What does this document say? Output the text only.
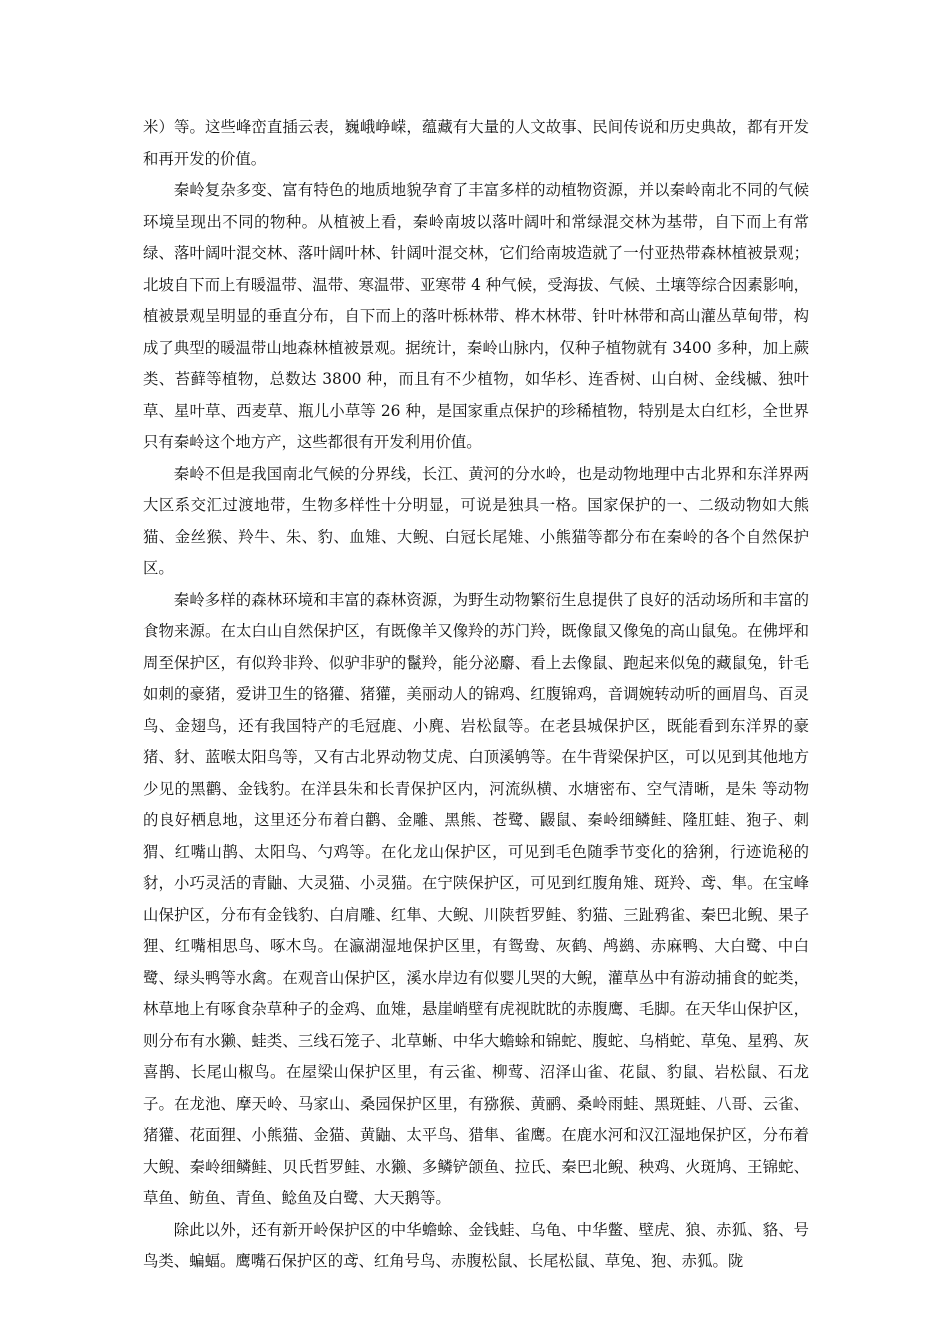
米）等。这些峰峦直插云表，巍峨峥嵘，蕴藏有大量的人文故事、民间传说和历史典故，都有开发和再开发的价值。

秦岭复杂多变、富有特色的地质地貌孕育了丰富多样的动植物资源，并以秦岭南北不同的气候环境呈现出不同的物种。从植被上看，秦岭南坡以落叶阔叶和常绿混交林为基带，自下而上有常绿、落叶阔叶混交林、落叶阔叶林、针阔叶混交林，它们给南坡造就了一付亚热带森林植被景观；北坡自下而上有暖温带、温带、寒温带、亚寒带 4 种气候，受海拔、气候、土壤等综合因素影响，植被景观呈明显的垂直分布，自下而上的落叶栎林带、桦木林带、针叶林带和高山灌丛草甸带，构成了典型的暖温带山地森林植被景观。据统计，秦岭山脉内，仅种子植物就有 3400 多种，加上蕨类、苔藓等植物，总数达 3800 种，而且有不少植物，如华杉、连香树、山白树、金线槭、独叶草、星叶草、西麦草、瓶儿小草等 26 种，是国家重点保护的珍稀植物，特别是太白红杉，全世界只有秦岭这个地方产，这些都很有开发利用价值。

秦岭不但是我国南北气候的分界线，长江、黄河的分水岭，也是动物地理中古北界和东洋界两大区系交汇过渡地带，生物多样性十分明显，可说是独具一格。国家保护的一、二级动物如大熊猫、金丝猴、羚牛、朱、豹、血雉、大鲵、白冠长尾雉、小熊猫等都分布在秦岭的各个自然保护区。

秦岭多样的森林环境和丰富的森林资源，为野生动物繁衍生息提供了良好的活动场所和丰富的食物来源。在太白山自然保护区，有既像羊又像羚的苏门羚，既像鼠又像兔的高山鼠兔。在佛坪和周至保护区，有似羚非羚、似驴非驴的鬣羚，能分泌麝、看上去像鼠、跑起来似兔的藏鼠兔，针毛如刺的豪猪，爱讲卫生的铬獾、猪獾，美丽动人的锦鸡、红腹锦鸡，音调婉转动听的画眉鸟、百灵鸟、金翅鸟，还有我国特产的毛冠鹿、小麂、岩松鼠等。在老县城保护区，既能看到东洋界的豪猪、豺、蓝喉太阳鸟等，又有古北界动物艾虎、白顶溪鸲等。在牛背梁保护区，可以见到其他地方少见的黑鹳、金钱豹。在洋县朱和长青保护区内，河流纵横、水塘密布、空气清晰，是朱 等动物的良好栖息地，这里还分布着白鹳、金雕、黑熊、苍鹭、鼹鼠、秦岭细鳞鲑、隆肛蛙、狍子、刺猬、红嘴山鹊、太阳鸟、勺鸡等。在化龙山保护区，可见到毛色随季节变化的猞猁，行迹诡秘的豺，小巧灵活的青鼬、大灵猫、小灵猫。在宁陕保护区，可见到红腹角雉、斑羚、鸢、隼。在宝峰山保护区，分布有金钱豹、白肩雕、红隼、大鲵、川陕哲罗鲑、豹猫、三趾鸦雀、秦巴北鲵、果子狸、红嘴相思鸟、啄木鸟。在瀛湖湿地保护区里，有鸳鸯、灰鹤、鸬鹚、赤麻鸭、大白鹭、中白鹭、绿头鸭等水禽。在观音山保护区，溪水岸边有似婴儿哭的大鲵，灌草丛中有游动捕食的蛇类，林草地上有啄食杂草种子的金鸡、血雉，悬崖峭壁有虎视眈眈的赤腹鹰、毛脚。在天华山保护区，则分布有水獭、蛙类、三线石笼子、北草蜥、中华大蟾蜍和锦蛇、腹蛇、乌梢蛇、草兔、星鸦、灰喜鹊、长尾山椒鸟。在屋梁山保护区里，有云雀、柳莺、沼泽山雀、花鼠、豹鼠、岩松鼠、石龙子。在龙池、摩天岭、马家山、桑园保护区里，有猕猴、黄鹂、桑岭雨蛙、黑斑蛙、八哥、云雀、猪獾、花面狸、小熊猫、金猫、黄鼬、太平鸟、猎隼、雀鹰。在鹿水河和汉江湿地保护区，分布着大鲵、秦岭细鳞鲑、贝氏哲罗鲑、水獭、多鳞铲颌鱼、拉氏、秦巴北鲵、秧鸡、火斑鸠、王锦蛇、草鱼、鲂鱼、青鱼、鲶鱼及白鹭、大天鹅等。

除此以外，还有新开岭保护区的中华蟾蜍、金钱蛙、乌龟、中华鳖、壁虎、狼、赤狐、貉、号鸟类、蝙蝠。鹰嘴石保护区的鸢、红角号鸟、赤腹松鼠、长尾松鼠、草兔、狍、赤狐。陇
